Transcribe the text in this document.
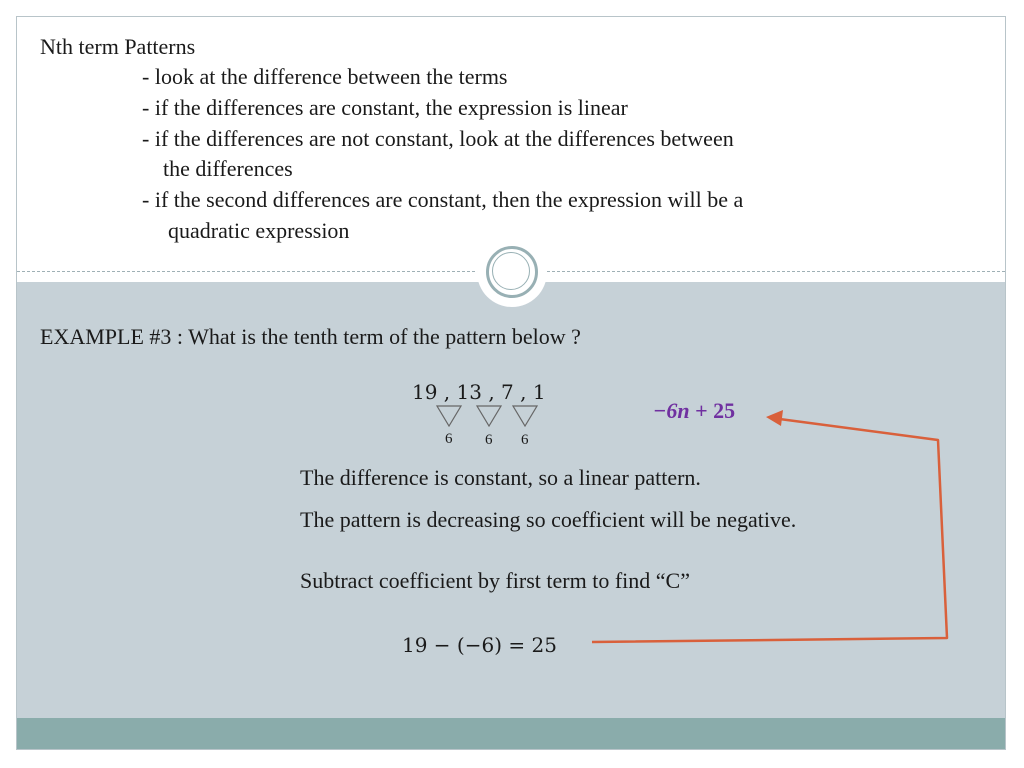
Nth term Patterns
- look at the difference between the terms
- if the differences are constant, the expression is linear
- if the differences are not constant, look at the differences between
the differences
- if the second differences are constant, then the expression will be a
quadratic expression
EXAMPLE #3 : What is the tenth term of the pattern below ?
19 , 13 , 7 , 1
6 6 6
−6n + 25
The difference is constant, so a linear pattern.
The pattern is decreasing so coefficient will be negative.
Subtract coefficient by first term to find “C”
19 − (−6) = 25
